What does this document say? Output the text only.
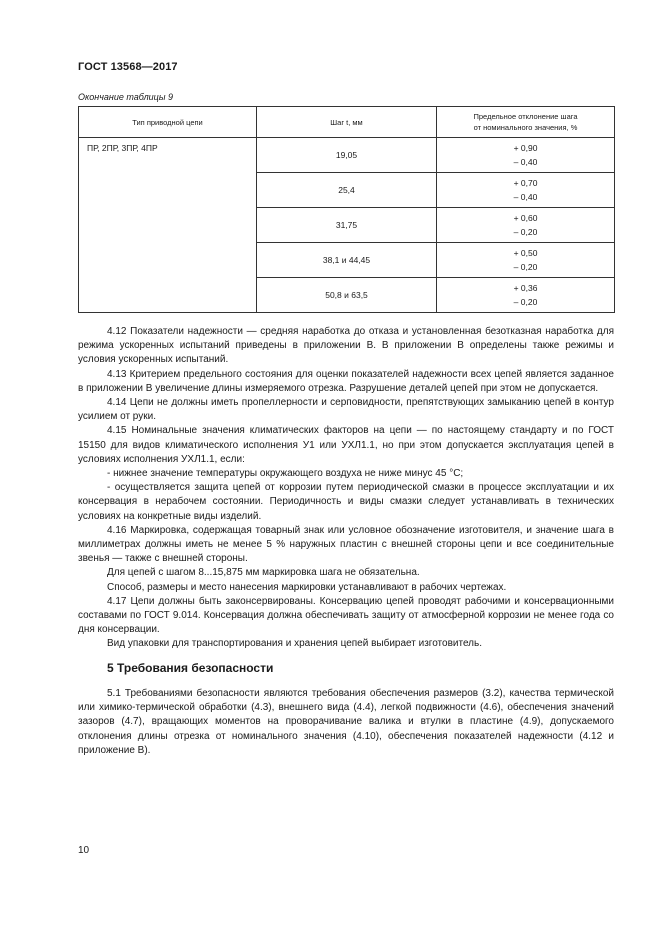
ГОСТ 13568—2017
Окончание таблицы 9
Тип приводной цепи	Шаг t, мм	Предельное отклонение шага
от номинального значения, %

ПР, 2ПР, 3ПР, 4ПР	19,05	+ 0,90
– 0,40

	25,4	+ 0,70
– 0,40

	31,75	+ 0,60
– 0,20

	38,1 и 44,45	+ 0,50
– 0,20

	50,8 и 63,5	+ 0,36
– 0,20

4.12 Показатели надежности — средняя наработка до отказа и установленная безотказная наработка для режима ускоренных испытаний приведены в приложении В. В приложении В определены также режимы и условия ускоренных испытаний.

4.13 Критерием предельного состояния для оценки показателей надежности всех цепей является заданное в приложении В увеличение длины измеряемого отрезка. Разрушение деталей цепей при этом не допускается.

4.14 Цепи не должны иметь пропеллерности и серповидности, препятствующих замыканию цепей в контур усилием от руки.

4.15 Номинальные значения климатических факторов на цепи — по настоящему стандарту и по ГОСТ 15150 для видов климатического исполнения У1 или УХЛ1.1, но при этом допускается эксплуатация цепей в условиях исполнения УХЛ1.1, если:

- нижнее значение температуры окружающего воздуха не ниже минус 45 °С;

- осуществляется защита цепей от коррозии путем периодической смазки в процессе эксплуатации и их консервация в нерабочем состоянии. Периодичность и виды смазки следует устанавливать в технических условиях на конкретные виды изделий.

4.16 Маркировка, содержащая товарный знак или условное обозначение изготовителя, и значение шага в миллиметрах должны иметь не менее 5 % наружных пластин с внешней стороны цепи и все соединительные звенья — также с внешней стороны.

Для цепей с шагом 8...15,875 мм маркировка шага не обязательна.

Способ, размеры и место нанесения маркировки устанавливают в рабочих чертежах.

4.17 Цепи должны быть законсервированы. Консервацию цепей проводят рабочими и консервационными составами по ГОСТ 9.014. Консервация должна обеспечивать защиту от атмосферной коррозии не менее года со дня консервации.

Вид упаковки для транспортирования и хранения цепей выбирает изготовитель.

5 Требования безопасности

5.1 Требованиями безопасности являются требования обеспечения размеров (3.2), качества термической или химико-термической обработки (4.3), внешнего вида (4.4), легкой подвижности (4.6), обеспечения значений зазоров (4.7), вращающих моментов на проворачивание валика и втулки в пластине (4.9), допускаемого отклонения длины отрезка от номинального значения (4.10), обеспечения показателей надежности (4.12 и приложение В).

10
